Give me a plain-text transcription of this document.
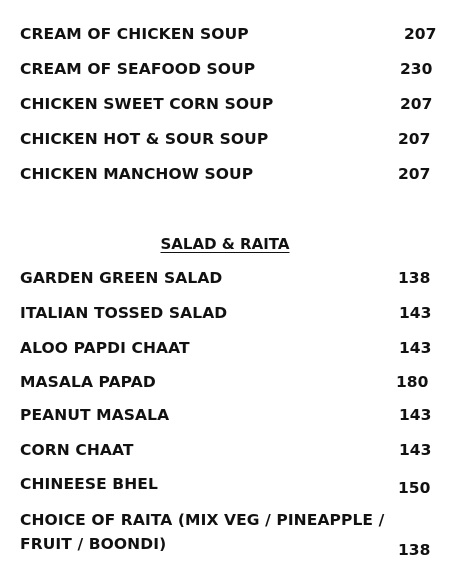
CREAM OF CHICKEN SOUP	207
CREAM OF SEAFOOD SOUP	230
CHICKEN SWEET CORN SOUP	207
CHICKEN HOT & SOUR SOUP	207
CHICKEN MANCHOW SOUP	207
SALAD & RAITA
GARDEN GREEN SALAD	138
ITALIAN TOSSED SALAD	143
ALOO PAPDI CHAAT	143
MASALA PAPAD	180
PEANUT MASALA	143
CORN CHAAT	143
CHINEESE BHEL	150
CHOICE OF RAITA (MIX VEG / PINEAPPLE / FRUIT / BOONDI)	138
